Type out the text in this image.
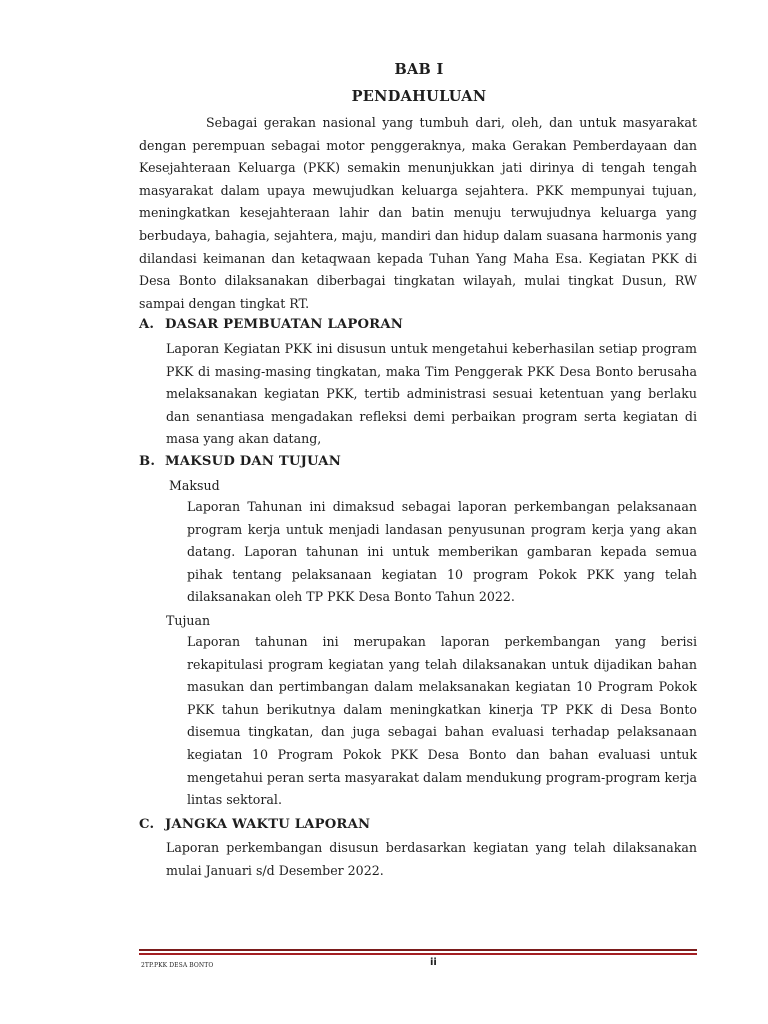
BAB I
PENDAHULUAN

Sebagai gerakan nasional yang tumbuh dari, oleh, dan untuk masyarakat dengan perempuan sebagai motor penggeraknya, maka Gerakan Pemberdayaan dan Kesejahteraan Keluarga (PKK) semakin menunjukkan jati dirinya di tengah tengah masyarakat dalam upaya mewujudkan keluarga sejahtera. PKK mempunyai tujuan, meningkatkan kesejahteraan lahir dan batin menuju terwujudnya keluarga yang berbudaya, bahagia, sejahtera, maju, mandiri dan hidup dalam suasana harmonis yang dilandasi keimanan dan ketaqwaan kepada Tuhan Yang Maha Esa. Kegiatan PKK di Desa Bonto dilaksanakan diberbagai tingkatan wilayah, mulai tingkat Dusun, RW sampai dengan tingkat RT.

A. DASAR PEMBUATAN LAPORAN

Laporan Kegiatan PKK ini disusun untuk mengetahui keberhasilan setiap program PKK di masing-masing tingkatan, maka Tim Penggerak PKK Desa Bonto berusaha melaksanakan kegiatan PKK, tertib administrasi sesuai ketentuan yang berlaku dan senantiasa mengadakan refleksi demi perbaikan program serta kegiatan di masa yang akan datang,

B. MAKSUD DAN TUJUAN

Maksud

Laporan Tahunan ini dimaksud sebagai laporan perkembangan pelaksanaan program kerja untuk menjadi landasan penyusunan program kerja yang akan datang. Laporan tahunan ini untuk memberikan gambaran kepada semua pihak tentang pelaksanaan kegiatan 10 program Pokok PKK yang telah dilaksanakan oleh TP PKK Desa Bonto Tahun 2022.

Tujuan

Laporan tahunan ini merupakan laporan perkembangan yang berisi rekapitulasi program kegiatan yang telah dilaksanakan untuk dijadikan bahan masukan dan pertimbangan dalam melaksanakan kegiatan 10 Program Pokok PKK tahun berikutnya dalam meningkatkan kinerja TP PKK di Desa Bonto disemua tingkatan, dan juga sebagai bahan evaluasi terhadap pelaksanaan kegiatan 10 Program Pokok PKK Desa Bonto dan bahan evaluasi untuk mengetahui peran serta masyarakat dalam mendukung program-program kerja lintas sektoral.

C. JANGKA WAKTU LAPORAN

Laporan perkembangan disusun berdasarkan kegiatan yang telah dilaksanakan mulai Januari s/d Desember 2022.

2TP.PKK DESA BONTO	ii
